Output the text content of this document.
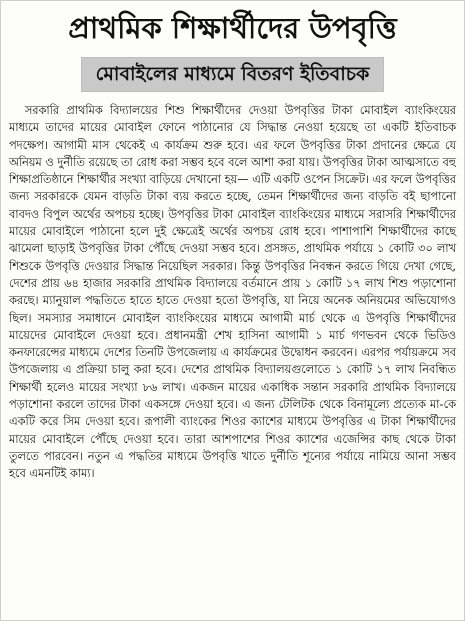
প্রাথমিক শিক্ষার্থীদের উপবৃত্তি
মোবাইলের মাধ্যমে বিতরণ ইতিবাচক

সরকারি প্রাথমিক বিদ্যালয়ের শিশু শিক্ষার্থীদের দেওয়া উপবৃত্তির টাকা মোবাইল ব্যাংকিংয়ের মাধ্যমে তাদের মায়ের মোবাইল ফোনে পাঠানোর যে সিদ্ধান্ত নেওয়া হয়েছে তা একটি ইতিবাচক পদক্ষেপ। আগামী মাস থেকেই এ কার্যক্রম শুরু হবে। এর ফলে উপবৃত্তির টাকা প্রদানের ক্ষেত্রে যে অনিয়ম ও দুর্নীতি রয়েছে তা রোধ করা সম্ভব হবে বলে আশা করা যায়। উপবৃত্তির টাকা আত্মসাতে বহু শিক্ষাপ্রতিষ্ঠানে শিক্ষার্থীর সংখ্যা বাড়িয়ে দেখানো হয়— এটি একটি ওপেন সিক্রেট। এর ফলে উপবৃত্তির জন্য সরকারকে যেমন বাড়তি টাকা ব্যয় করতে হচ্ছে, তেমন শিক্ষার্থীদের জন্য বাড়তি বই ছাপানো বাবদও বিপুল অর্থের অপচয় হচ্ছে। উপবৃত্তির টাকা মোবাইল ব্যাংকিংয়ের মাধ্যমে সরাসরি শিক্ষার্থীদের মায়ের মোবাইলে পাঠানো হলে দুই ক্ষেত্রেই অর্থের অপচয় রোধ হবে। পাশাপাশি শিক্ষার্থীদের কাছে ঝামেলা ছাড়াই উপবৃত্তির টাকা পৌঁছে দেওয়া সম্ভব হবে। প্রসঙ্গত, প্রাথমিক পর্যায়ে ১ কোটি ৩০ লাখ শিশুকে উপবৃত্তি দেওয়ার সিদ্ধান্ত নিয়েছিল সরকার। কিন্তু উপবৃত্তির নিবন্ধন করতে গিয়ে দেখা গেছে, দেশের প্রায় ৬৪ হাজার সরকারি প্রাথমিক বিদ্যালয়ে বর্তমানে প্রায় ১ কোটি ১৭ লাখ শিশু পড়াশোনা করছে। ম্যানুয়াল পদ্ধতিতে হাতে হাতে দেওয়া হতো উপবৃত্তি, যা নিয়ে অনেক অনিয়মের অভিযোগও ছিল। সমস্যার সমাধানে মোবাইল ব্যাংকিংয়ের মাধ্যমে আগামী মার্চ থেকে এ উপবৃত্তি শিক্ষার্থীদের মায়েদের মোবাইলে দেওয়া হবে। প্রধানমন্ত্রী শেখ হাসিনা আগামী ১ মার্চ গণভবন থেকে ভিডিও কনফারেন্সের মাধ্যমে দেশের তিনটি উপজেলায় এ কার্যক্রমের উদ্বোধন করবেন। এরপর পর্যায়ক্রমে সব উপজেলায় এ প্রক্রিয়া চালু করা হবে। দেশের প্রাথমিক বিদ্যালয়গুলোতে ১ কোটি ১৭ লাখ নিবন্ধিত শিক্ষার্থী হলেও মায়ের সংখ্যা ৮৬ লাখ। একজন মায়ের একাধিক সন্তান সরকারি প্রাথমিক বিদ্যালয়ে পড়াশোনা করলে তাদের টাকা একসঙ্গে দেওয়া হবে। এ জন্য টেলিটক থেকে বিনামূল্যে প্রত্যেক মা-কে একটি করে সিম দেওয়া হবে। রূপালী ব্যাংকের শিওর ক্যাশের মাধ্যমে উপবৃত্তির এ টাকা শিক্ষার্থীদের মায়ের মোবাইলে পৌঁছে দেওয়া হবে। তারা আশপাশের শিওর ক্যাশের এজেন্সির কাছ থেকে টাকা তুলতে পারবেন। নতুন এ পদ্ধতির মাধ্যমে উপবৃত্তি খাতে দুর্নীতি শূন্যের পর্যায়ে নামিয়ে আনা সম্ভব হবে এমনটিই কাম্য।
